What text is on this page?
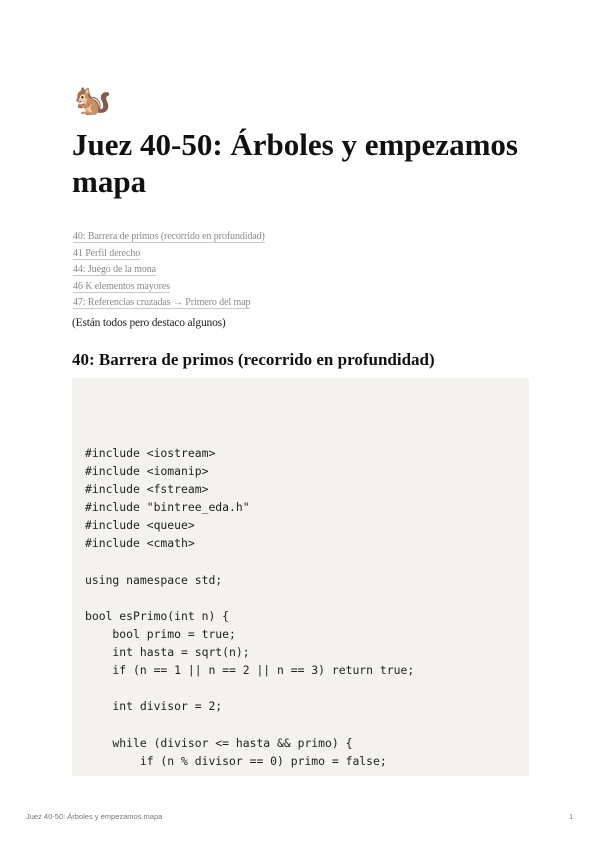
🐿️
Juez 40-50: Árboles y empezamos mapa
40: Barrera de primos (recorrido en profundidad)
41 Perfil derecho
44: Juego de la mona
46 K elementos mayores
47: Referencias cruzadas → Primero del map
(Están todos pero destaco algunos)
40: Barrera de primos (recorrido en profundidad)
#include <iostream>
#include <iomanip>
#include <fstream>
#include "bintree_eda.h"
#include <queue>
#include <cmath>

using namespace std;

bool esPrimo(int n) {
bool primo = true;
int hasta = sqrt(n);
if (n == 1 || n == 2 || n == 3) return true;

int divisor = 2;

while (divisor <= hasta && primo) {
if (n % divisor == 0) primo = false;
Juez 40-50: Árboles y empezamos mapa	1
